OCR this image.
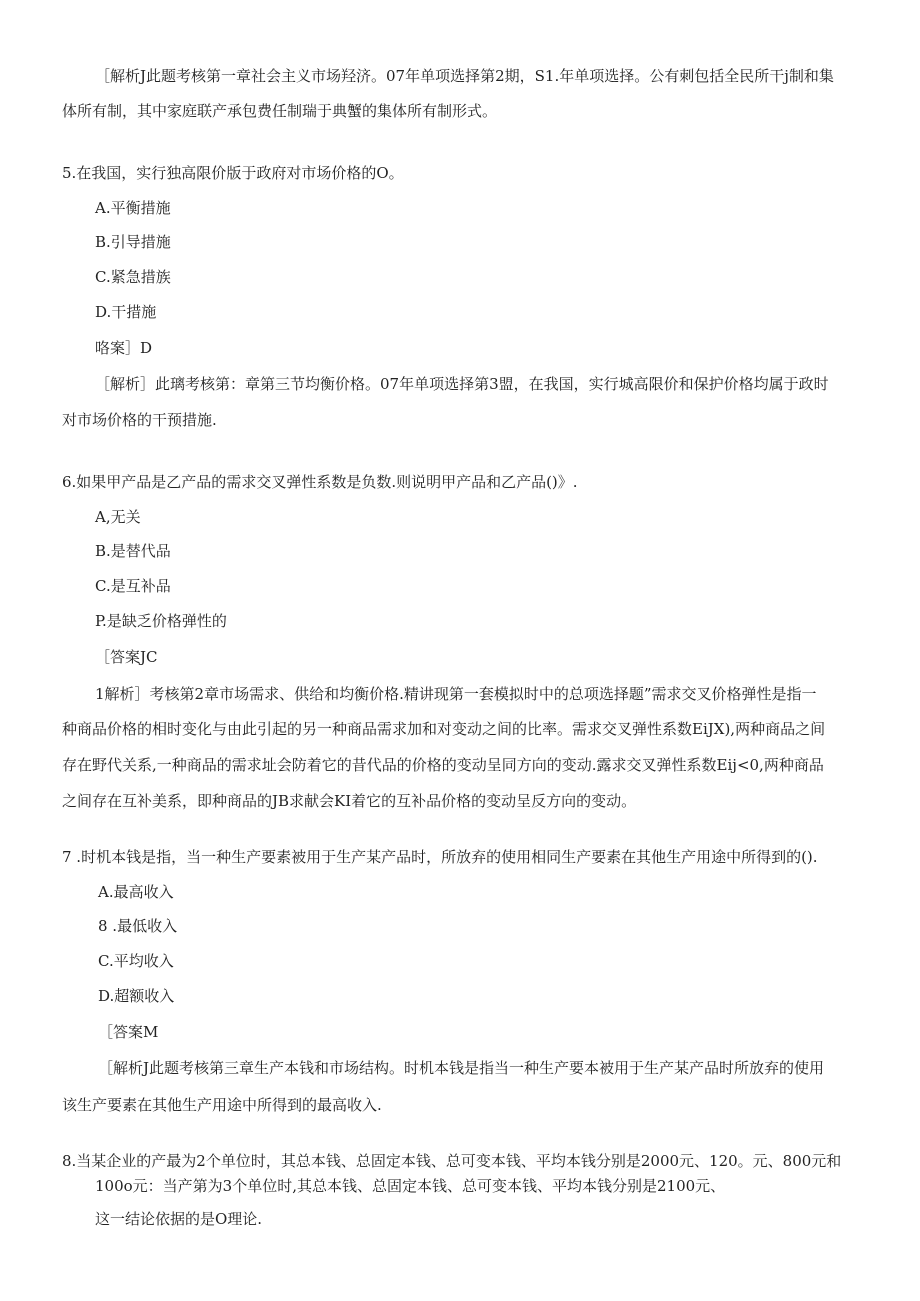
［解析J此题考核第一章社会主义市场羟济。07年单项选择第2期，S1.年单项选择。公有刺包括全民所干j制和集
体所有制，其中家庭联产承包费任制瑞于典蟹的集体所有制形式。
5.在我国，实行独高限价版于政府对市场价格的O。
A.平衡措施
B.引导措施
C.紧急措族
D.干措施
咯案］D
［解析］此璃考核第：章第三节均衡价格。07年单项选择第3盟，在我国，实行城高限价和保护价格均属于政时
对市场价格的干预措施.
6.如果甲产品是乙产品的需求交叉弹性系数是负数.则说明甲产品和乙产品()》.
A,无关
B.是替代品
C.是互补品
P.是缺乏价格弹性的
［答案JC
1解析］考核第2章市场需求、供给和均衡价格.精讲现第一套模拟时中的总项选择题”需求交叉价格弹性是指一
种商品价格的相时变化与由此引起的另一种商品需求加和对变动之间的比率。需求交叉弹性系数EiJX),两种商品之间
存在野代关系,一种商品的需求址会防着它的昔代品的价格的变动呈同方向的变动.露求交叉弹性系数Eij<0,两种商品
之间存在互补美系，即种商品的JB求献会KI着它的互补品价格的变动呈反方向的变动。
7 .时机本钱是指，当一种生产要素被用于生产某产品时，所放弃的使用相同生产要素在其他生产用途中所得到的().
A.最高收入
8 .最低收入
C.平均收入
D.超额收入
［答案M
［解析J此题考核第三章生产本钱和市场结构。时机本钱是指当一种生产要本被用于生产某产品时所放弃的使用
该生产要素在其他生产用途中所得到的最高收入.
8.当某企业的产最为2个单位时，其总本钱、总固定本钱、总可变本钱、平均本钱分别是2000元、120。元、800元和
100o元：当产第为3个单位时,其总本钱、总固定本钱、总可变本钱、平均本钱分别是2100元、
这一结论依据的是O理论.
